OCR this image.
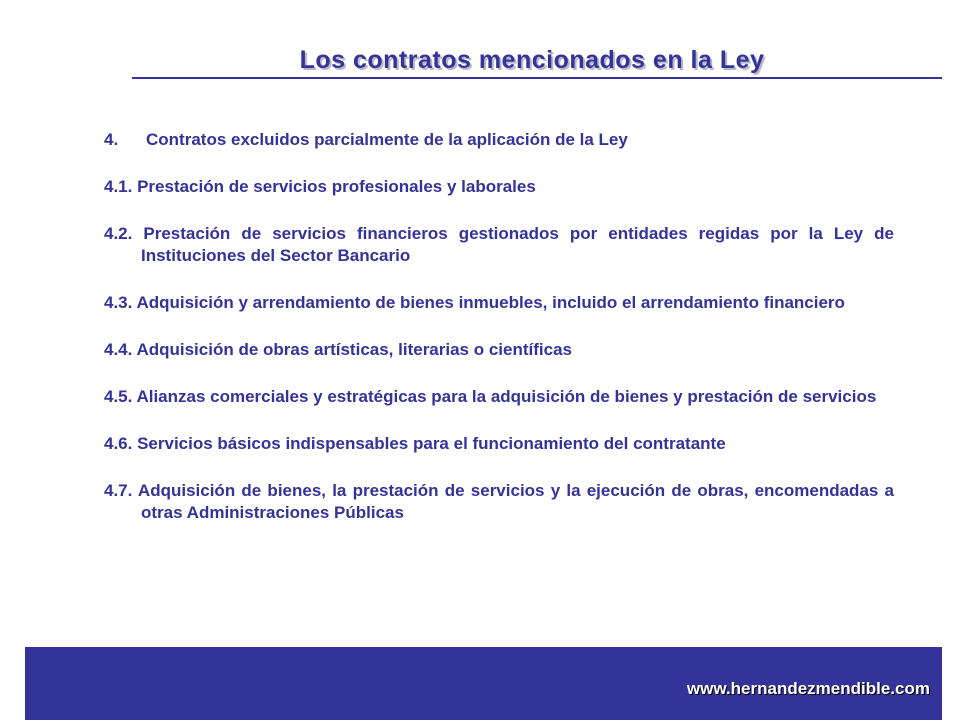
Los contratos mencionados en la Ley
4. Contratos excluidos parcialmente de la aplicación de la Ley
4.1. Prestación de servicios profesionales y laborales
4.2. Prestación de servicios financieros gestionados por entidades regidas por la Ley de Instituciones del Sector Bancario
4.3. Adquisición y arrendamiento de bienes inmuebles, incluido el arrendamiento financiero
4.4. Adquisición de obras artísticas, literarias o científicas
4.5. Alianzas comerciales y estratégicas para la adquisición de bienes y prestación de servicios
4.6. Servicios básicos indispensables para el funcionamiento del contratante
4.7. Adquisición de bienes, la prestación de servicios y la ejecución de obras, encomendadas a otras Administraciones Públicas
www.hernandezmendible.com
